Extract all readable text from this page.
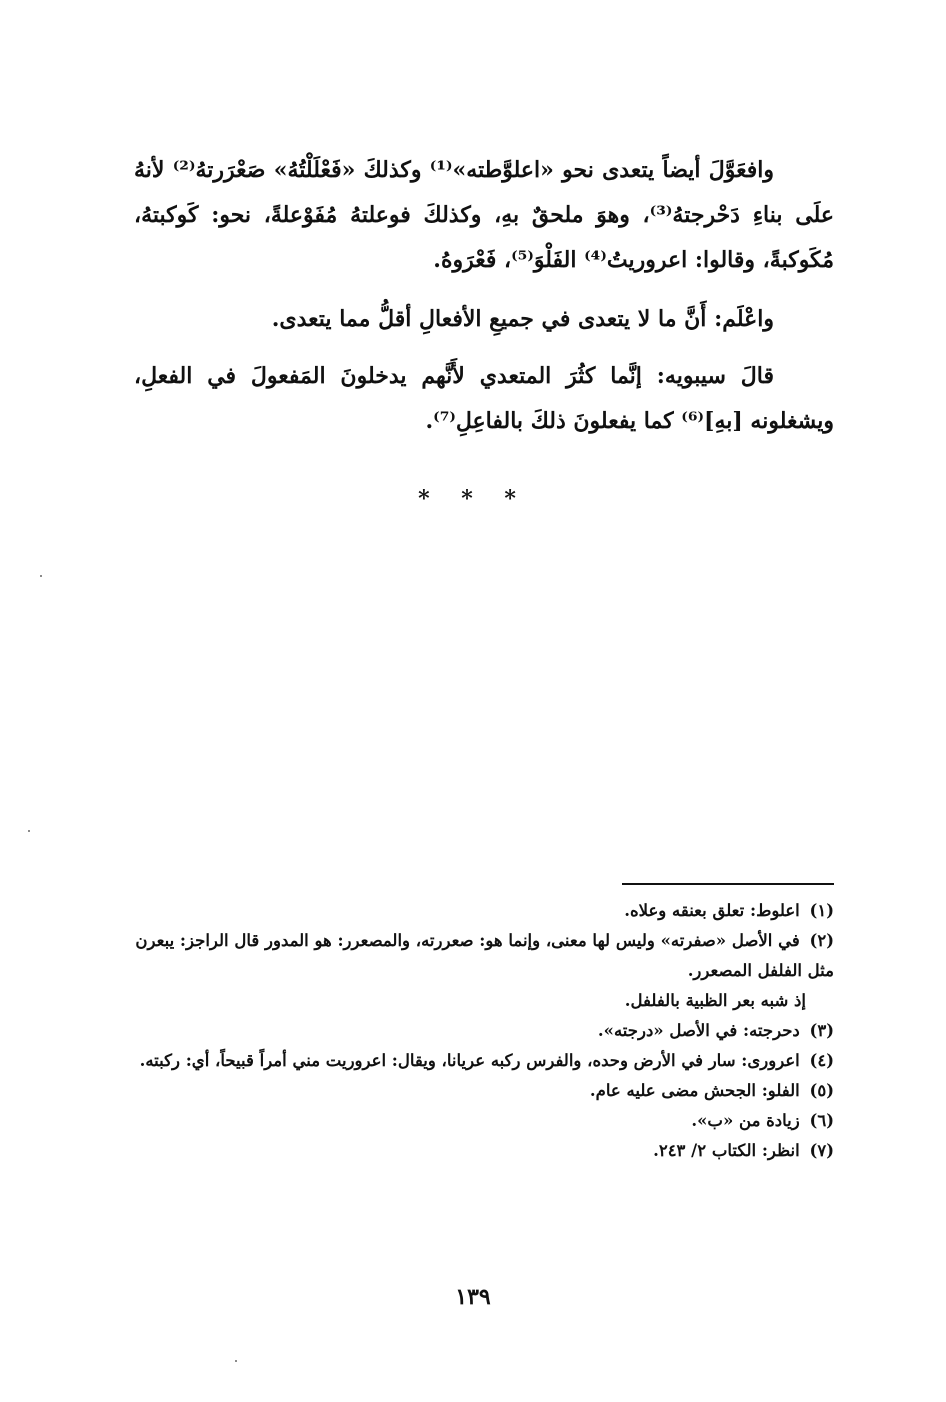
وافعَوَّلَ أيضاً يتعدى نحو «اعلوَّطته»⁽¹⁾ وكذلكَ «فَعْلَلْتُهُ» صَعْرَرتهُ⁽²⁾ لأنهُ علَى بناءِ دَحْرجتهُ⁽³⁾، وهوَ ملحقٌ بهِ، وكذلكَ فوعلتهُ مُفَوْعلةً، نحو: كَوكبتهُ، مُكَوكبةً، وقالوا: اعروريتُ⁽⁴⁾ الفَلْوَ⁽⁵⁾، فَعْرَوهُ.

واعْلَم: أَنَّ ما لا يتعدى في جميعِ الأفعالِ أقلُّ مما يتعدى.

قالَ سيبويه: إنَّما كثُرَ المتعدي لأَنَّهم يدخلونَ المَفعولَ في الفعلِ، ويشغلونه [بهِ]⁽⁶⁾ كما يفعلونَ ذلكَ بالفاعِلِ⁽⁷⁾.

* * *

(١) اعلوط: تعلق بعنقه وعلاه.

(٢) في الأصل «صفرته» وليس لها معنى، وإنما هو: صعررته، والمصعرر: هو المدور قال الراجز: يبعرن مثل الفلفل المصعرر.

إذ شبه بعر الظبية بالفلفل.

(٣) دحرجته: في الأصل «درجته».

(٤) اعرورى: سار في الأرض وحده، والفرس ركبه عريانا، ويقال: اعروريت مني أمراً قبيحاً، أي: ركبته.

(٥) الفلو: الجحش مضى عليه عام.

(٦) زيادة من «ب».

(٧) انظر: الكتاب ٢/ ٢٤٣.

١٣٩
